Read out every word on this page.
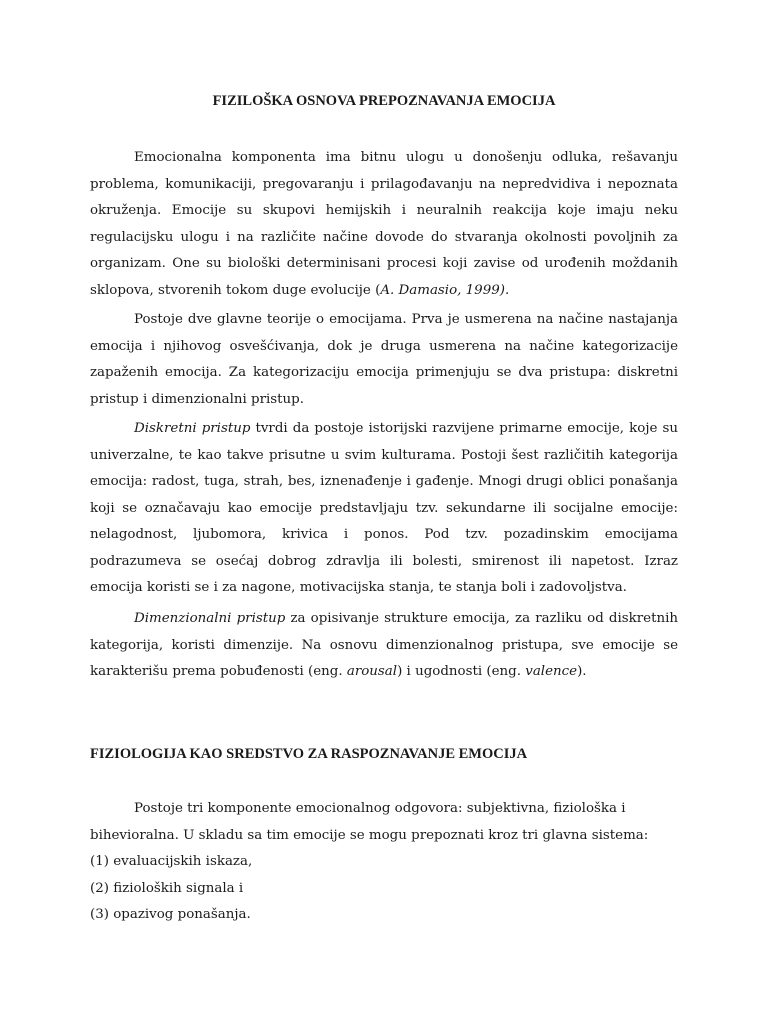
FIZILOŠKA OSNOVA PREPOZNAVANJA EMOCIJA

Emocionalna komponenta ima bitnu ulogu u donošenju odluka, rešavanju problema, komunikaciji, pregovaranju i prilagođavanju na nepredvidiva i nepoznata okruženja. Emocije su skupovi hemijskih i neuralnih reakcija koje imaju neku regulacijsku ulogu i na različite načine dovode do stvaranja okolnosti povoljnih za organizam. One su biološki determinisani procesi koji zavise od urođenih moždanih sklopova, stvorenih tokom duge evolucije (A. Damasio, 1999).

Postoje dve glavne teorije o emocijama. Prva je usmerena na načine nastajanja emocija i njihovog osvešćivanja, dok je druga usmerena na načine kategorizacije zapaženih emocija. Za kategorizaciju emocija primenjuju se dva pristupa: diskretni pristup i dimenzionalni pristup.

Diskretni pristup tvrdi da postoje istorijski razvijene primarne emocije, koje su univerzalne, te kao takve prisutne u svim kulturama. Postoji šest različitih kategorija emocija: radost, tuga, strah, bes, iznenađenje i gađenje. Mnogi drugi oblici ponašanja koji se označavaju kao emocije predstavljaju tzv. sekundarne ili socijalne emocije: nelagodnost, ljubomora, krivica i ponos. Pod tzv. pozadinskim emocijama podrazumeva se osećaj dobrog zdravlja ili bolesti, smirenost ili napetost. Izraz emocija koristi se i za nagone, motivacijska stanja, te stanja boli i zadovoljstva.

Dimenzionalni pristup za opisivanje strukture emocija, za razliku od diskretnih kategorija, koristi dimenzije. Na osnovu dimenzionalnog pristupa, sve emocije se karakterišu prema pobuđenosti (eng. arousal) i ugodnosti (eng. valence).

FIZIOLOGIJA KAO SREDSTVO ZA RASPOZNAVANJE EMOCIJA
Postoje tri komponente emocionalnog odgovora: subjektivna, fiziološka i
bihevioralna. U skladu sa tim emocije se mogu prepoznati kroz tri glavna sistema:
(1) evaluacijskih iskaza,
(2) fizioloških signala i
(3) opazivog ponašanja.
